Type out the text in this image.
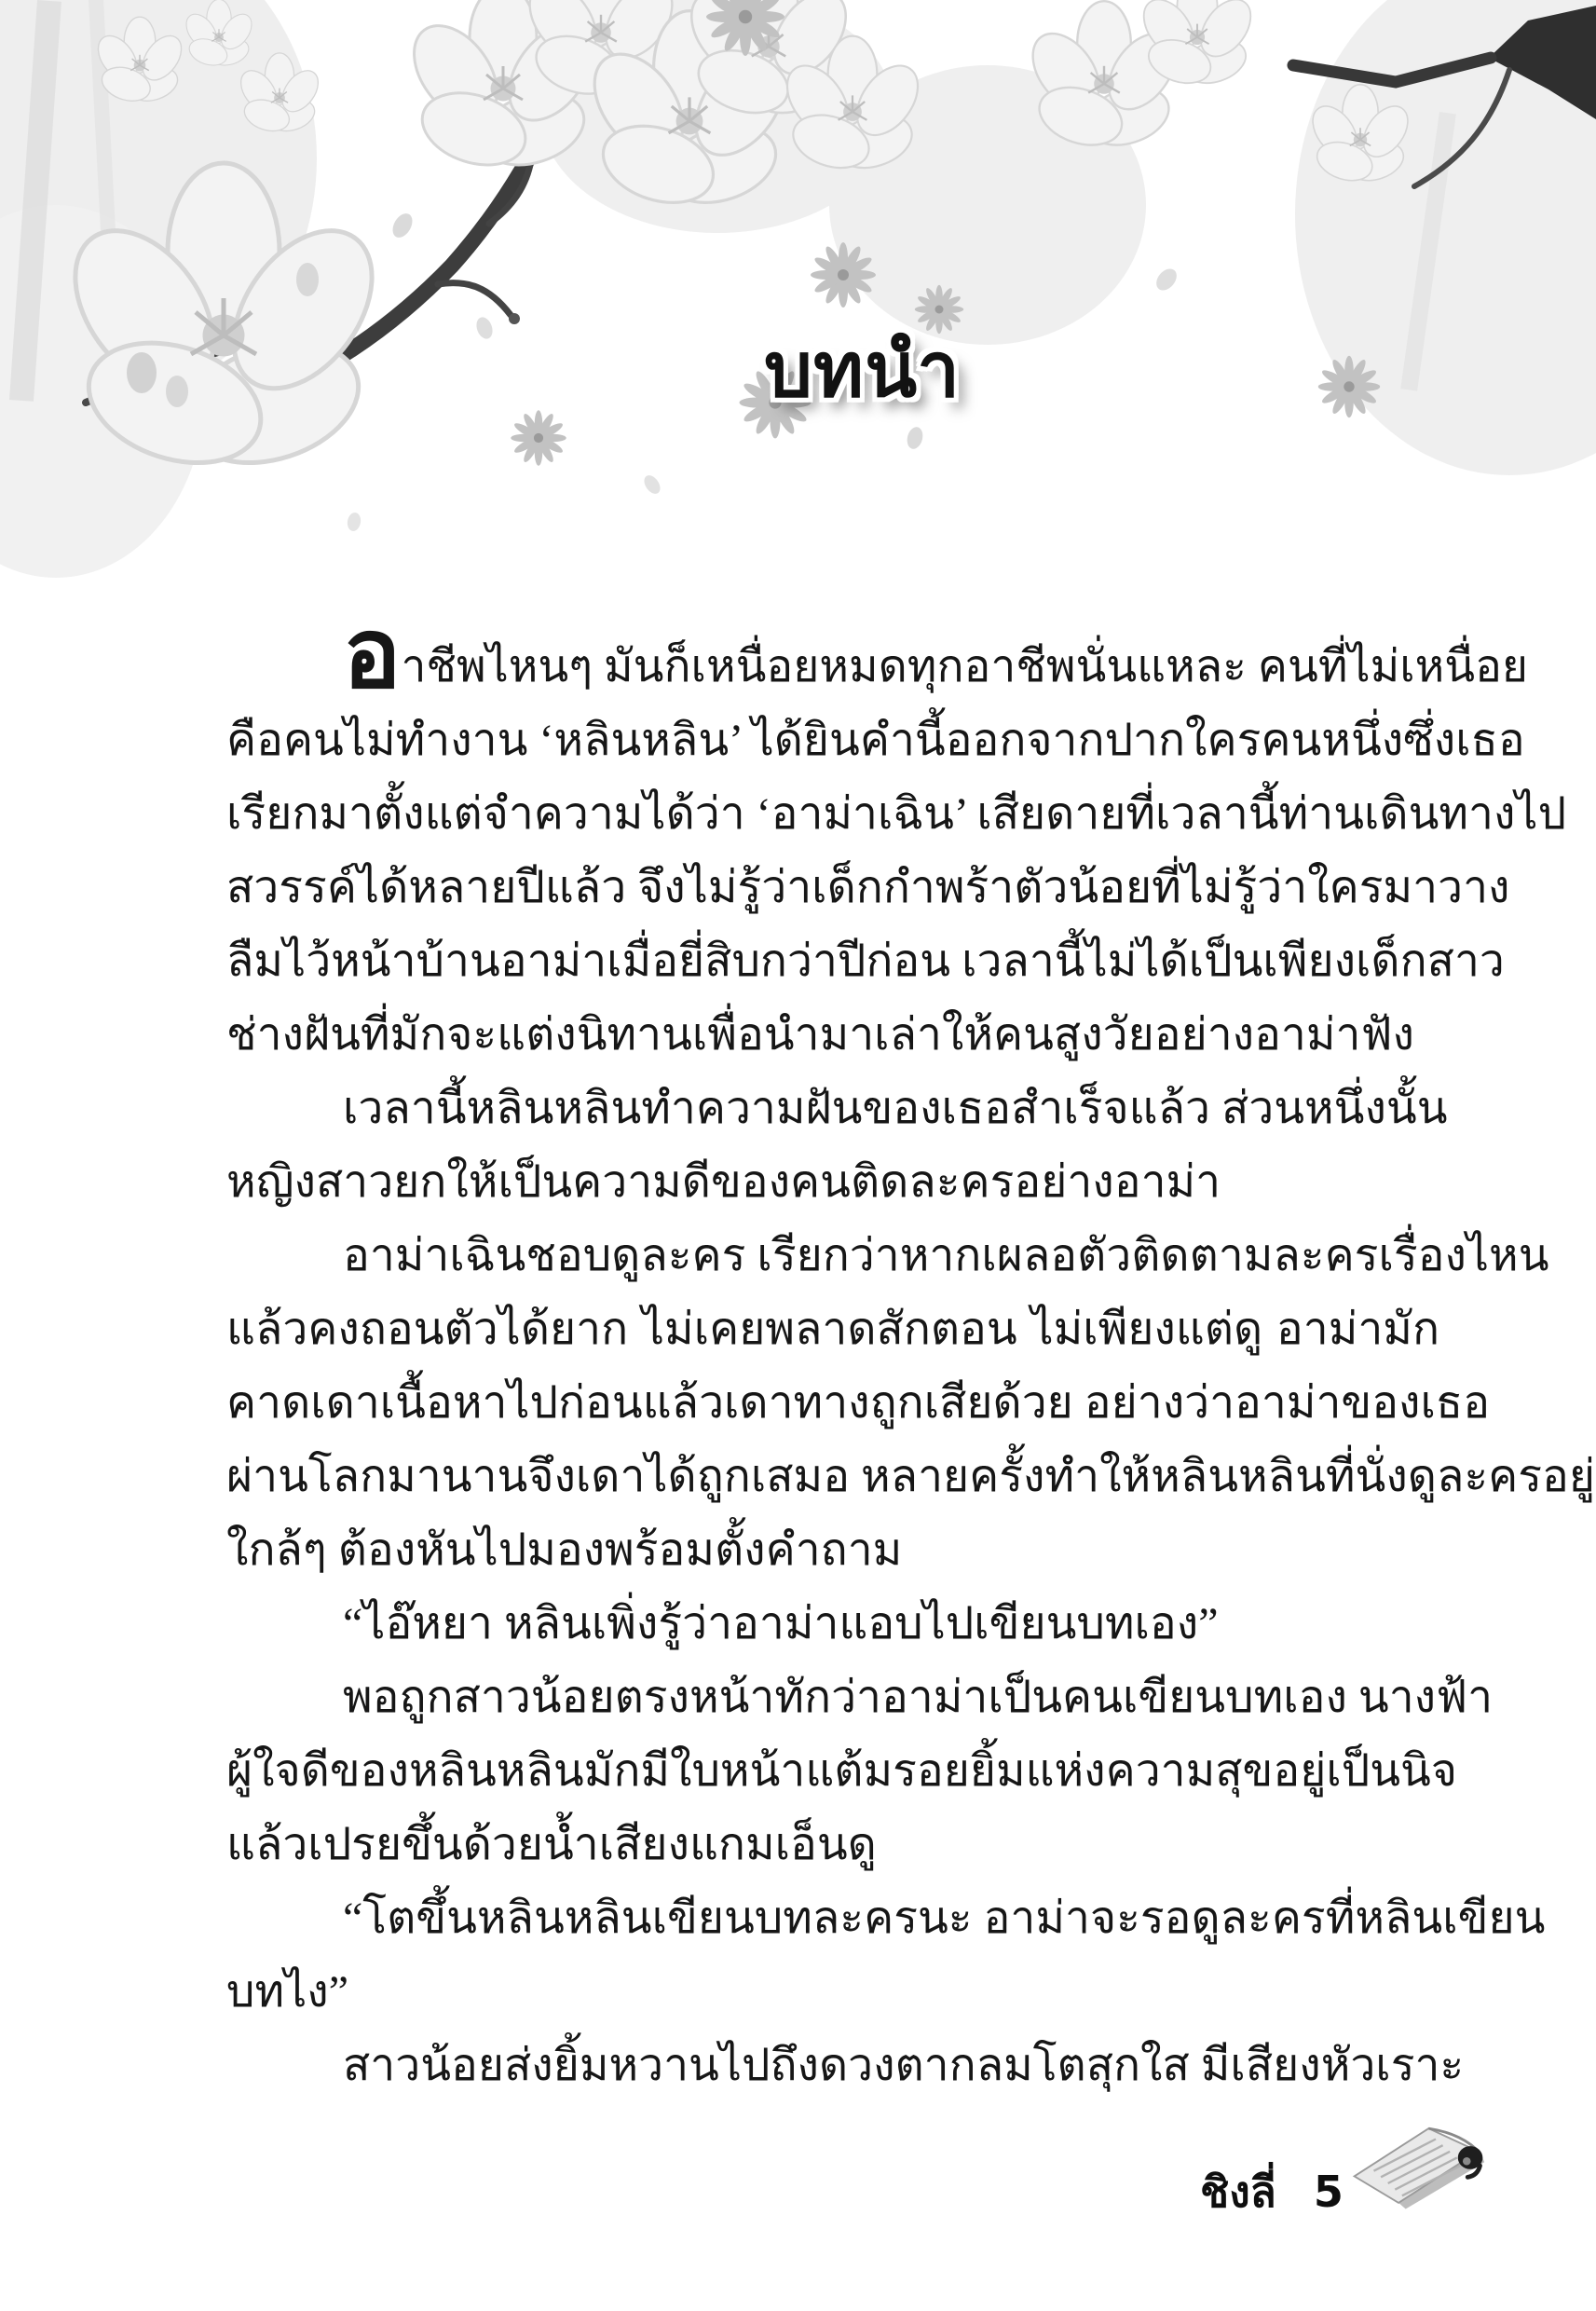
บทนำ
อาชีพไหนๆ มันก็เหนื่อยหมดทุกอาชีพนั่นแหละ คนที่ไม่เหนื่อย
คือคนไม่ทำงาน ‘หลินหลิน’ ได้ยินคำนี้ออกจากปากใครคนหนึ่งซึ่งเธอ
เรียกมาตั้งแต่จำความได้ว่า ‘อาม่าเฉิน’ เสียดายที่เวลานี้ท่านเดินทางไป
สวรรค์ได้หลายปีแล้ว จึงไม่รู้ว่าเด็กกำพร้าตัวน้อยที่ไม่รู้ว่าใครมาวาง
ลืมไว้หน้าบ้านอาม่าเมื่อยี่สิบกว่าปีก่อน เวลานี้ไม่ได้เป็นเพียงเด็กสาว
ช่างฝันที่มักจะแต่งนิทานเพื่อนำมาเล่าให้คนสูงวัยอย่างอาม่าฟัง
เวลานี้หลินหลินทำความฝันของเธอสำเร็จแล้ว ส่วนหนึ่งนั้น
หญิงสาวยกให้เป็นความดีของคนติดละครอย่างอาม่า
อาม่าเฉินชอบดูละคร เรียกว่าหากเผลอตัวติดตามละครเรื่องไหน
แล้วคงถอนตัวได้ยาก ไม่เคยพลาดสักตอน ไม่เพียงแต่ดู อาม่ามัก
คาดเดาเนื้อหาไปก่อนแล้วเดาทางถูกเสียด้วย อย่างว่าอาม่าของเธอ
ผ่านโลกมานานจึงเดาได้ถูกเสมอ หลายครั้งทำให้หลินหลินที่นั่งดูละครอยู่
ใกล้ๆ ต้องหันไปมองพร้อมตั้งคำถาม
“ไอ๊หยา หลินเพิ่งรู้ว่าอาม่าแอบไปเขียนบทเอง”
พอถูกสาวน้อยตรงหน้าทักว่าอาม่าเป็นคนเขียนบทเอง นางฟ้า
ผู้ใจดีของหลินหลินมักมีใบหน้าแต้มรอยยิ้มแห่งความสุขอยู่เป็นนิจ
แล้วเปรยขึ้นด้วยน้ำเสียงแกมเอ็นดู
“โตขึ้นหลินหลินเขียนบทละครนะ อาม่าจะรอดูละครที่หลินเขียน
บทไง”
สาวน้อยส่งยิ้มหวานไปถึงดวงตากลมโตสุกใส มีเสียงหัวเราะ
ชิงลี่ 5
